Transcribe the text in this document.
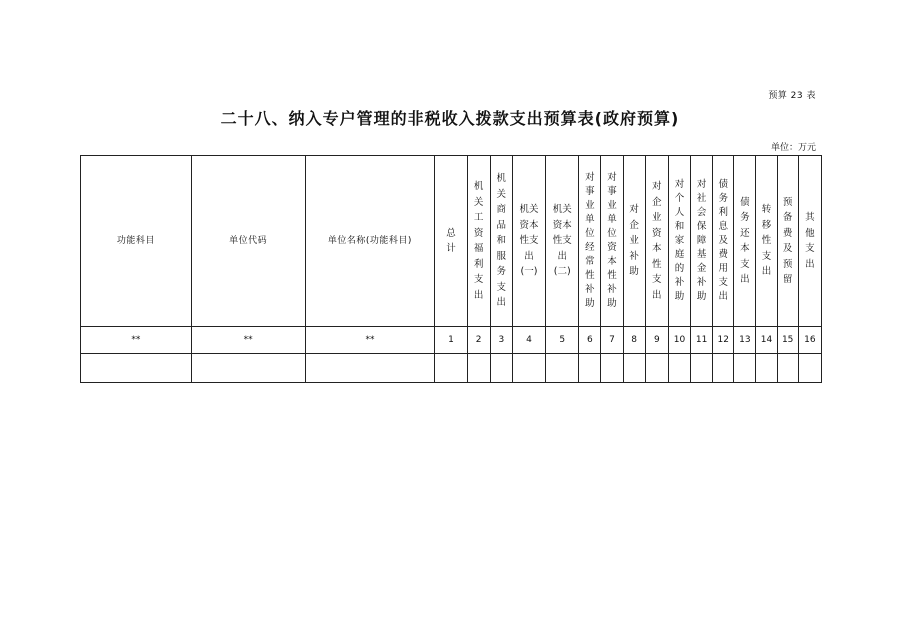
预算 23 表
二十八、纳入专户管理的非税收入拨款支出预算表(政府预算)
单位：万元
功能科目	单位代码	单位名称(功能科目)	总计	机关工资福利支出	机关商品和服务支出	机关资本性支出(一)	机关资本性支出(二)	对事业单位经常性补助	对事业单位资本性补助	对企业补助	对企业资本性支出	对个人和家庭的补助	对社会保障基金补助	债务利息及费用支出	债务还本支出	转移性支出	预备费及预留	其他支出
**	**	**	1	2	3	4	5	6	7	8	9	10	11	12	13	14	15	16
